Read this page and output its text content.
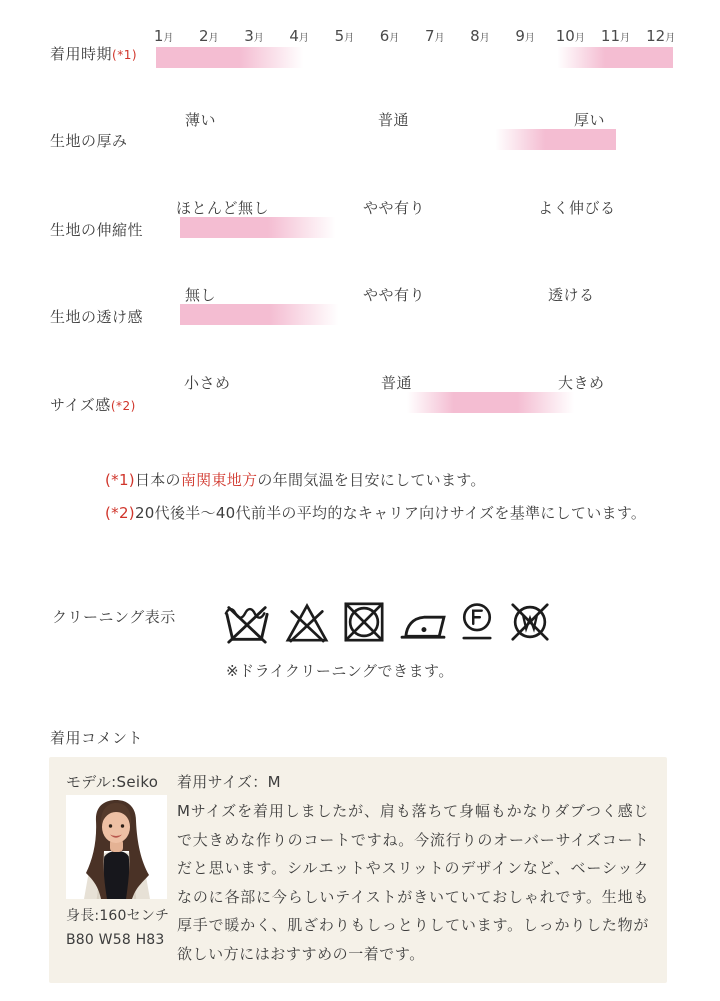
着用時期(*1)
1月	2月	3月	4月	5月	6月	7月	8月	9月	10月	11月	12月
生地の厚み
薄い	普通	厚い
生地の伸縮性
ほとんど無し	やや有り	よく伸びる
生地の透け感
無し	やや有り	透ける
サイズ感(*2)
小さめ	普通	大きめ
(*1)日本の南関東地方の年間気温を目安にしています。
(*2)20代後半～40代前半の平均的なキャリア向けサイズを基準にしています。
クリーニング表示
※ドライクリーニングできます。
着用コメント
モデル:Seiko
身長:160センチ
B80 W58 H83
着用サイズ：M
Mサイズを着用しましたが、肩も落ちて身幅もかなりダブつく感じで大きめな作りのコートですね。今流行りのオーバーサイズコートだと思います。シルエットやスリットのデザインなど、ベーシックなのに各部に今らしいテイストがきいていておしゃれです。生地も厚手で暖かく、肌ざわりもしっとりしています。しっかりした物が欲しい方にはおすすめの一着です。
